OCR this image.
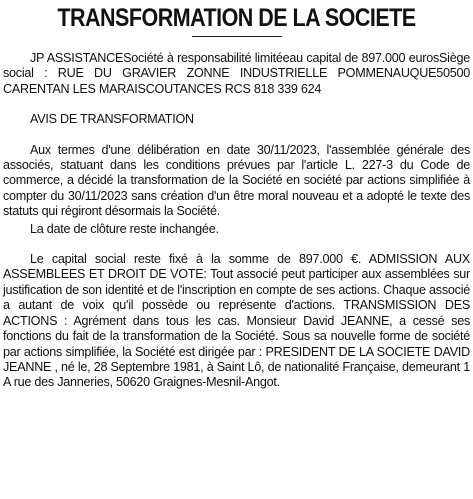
TRANSFORMATION DE LA SOCIETE

JP ASSISTANCESociété à responsabilité limitéeau capital de 897.000 eurosSiège social : RUE DU GRAVIER ZONNE INDUSTRIELLE POMMENAUQUE50500 CARENTAN LES MARAISCOUTANCES RCS 818 339 624

AVIS DE TRANSFORMATION

Aux termes d'une délibération en date 30/11/2023, l'assemblée générale des associés, statuant dans les conditions prévues par l'article L. 227-3 du Code de commerce, a décidé la transformation de la Société en société par actions simplifiée à compter du 30/11/2023 sans création d'un être moral nouveau et a adopté le texte des statuts qui régiront désormais la Société.

La date de clôture reste inchangée.

Le capital social reste fixé à la somme de 897.000 €. ADMISSION AUX ASSEMBLEES ET DROIT DE VOTE: Tout associé peut participer aux assemblées sur justification de son identité et de l'inscription en compte de ses actions. Chaque associé a autant de voix qu'il possède ou représente d'actions. TRANSMISSION DES ACTIONS : Agrément dans tous les cas. Monsieur David JEANNE, a cessé ses fonctions du fait de la transformation de la Société. Sous sa nouvelle forme de société par actions simplifiée, la Société est dirigée par : PRESIDENT DE LA SOCIETE DAVID JEANNE , né le, 28 Septembre 1981, à Saint Lô, de nationalité Française, demeurant 1 A rue des Janneries, 50620 Graignes-Mesnil-Angot.
